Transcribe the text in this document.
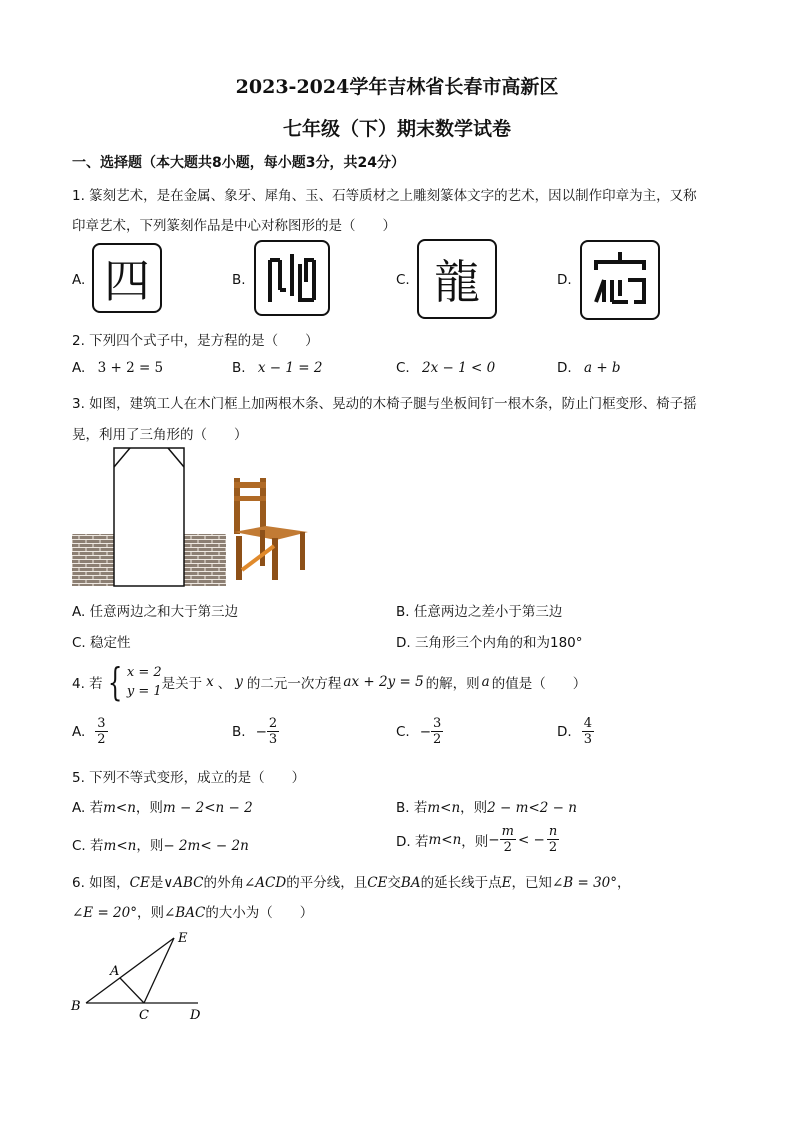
2023-2024学年吉林省长春市高新区
七年级（下）期末数学试卷
一、选择题（本大题共8小题，每小题3分，共24分）
1. 篆刻艺术，是在金属、象牙、犀角、玉、石等质材之上雕刻篆体文字的艺术，因以制作印章为主，又称
印章艺术，下列篆刻作品是中心对称图形的是（　　）
A. 四	B.	C. 龍	D.
2. 下列四个式子中，是方程的是（　　）
A. 3 + 2 = 5	B. x − 1 = 2	C. 2x − 1 < 0	D. a + b
3. 如图，建筑工人在木门框上加两根木条、晃动的木椅子腿与坐板间钉一根木条，防止门框变形、椅子摇
晃，利用了三角形的（　　）
A. 任意两边之和大于第三边	B. 任意两边之差小于第三边
C. 稳定性	D. 三角形三个内角的和为180°
4. 若 { x = 2
y = 1 是关于 x 、 y 的二元一次方程 ax + 2y = 5 的解，则 a 的值是（　　）
A. $\frac{3}{2}$	B. − $\frac{2}{3}$	C. − $\frac{3}{2}$	D. $\frac{4}{3}$
5. 下列不等式变形，成立的是（　　）
A. 若m<n，则m − 2<n − 2	B. 若m<n，则2 − m<2 − n
C. 若m<n，则− 2m< − 2n	D. 若 m<n ，则 − $\frac{m}{2}$ < − $\frac{n}{2}$
6. 如图，CE是∨ABC的外角∠ACD的平分线，且CE交BA的延长线于点E，已知∠B = 30°，
∠E = 20°，则∠BAC的大小为（　　）
E
A
B
C	D
